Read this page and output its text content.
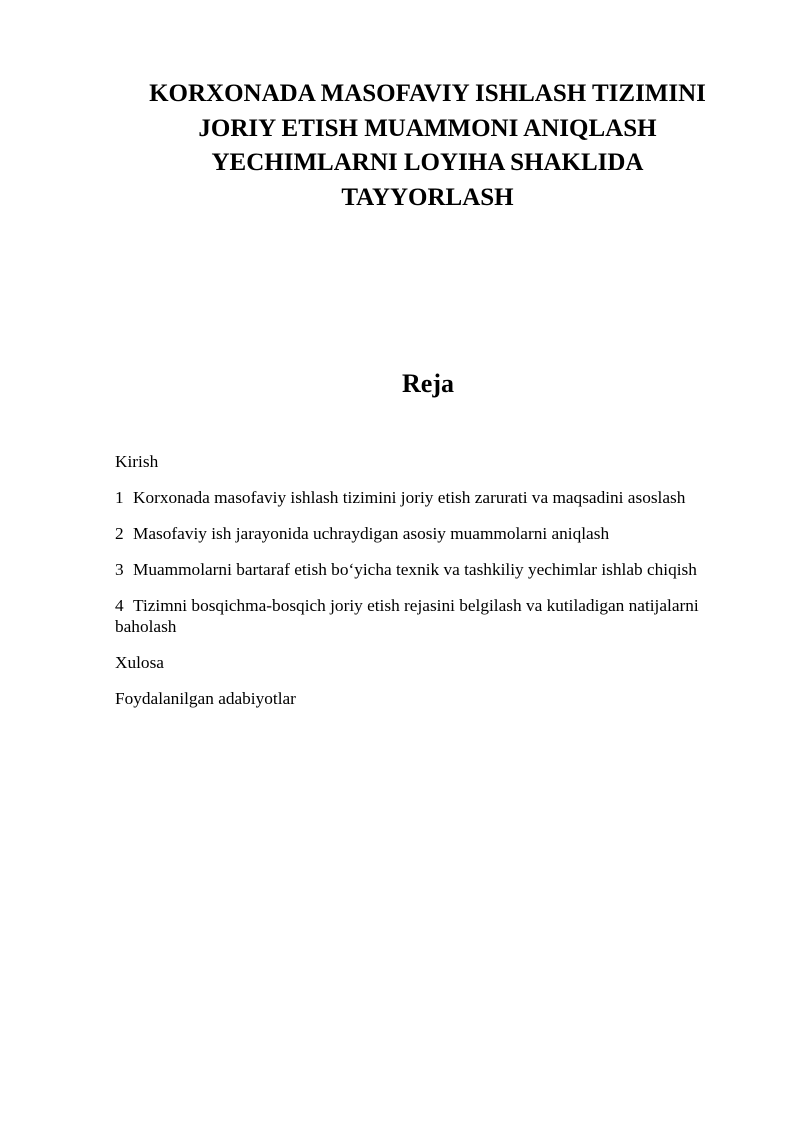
KORXONADA MASOFAVIY ISHLASH TIZIMINI
JORIY ETISH MUAMMONI ANIQLASH
YECHIMLARNI LOYIHA SHAKLIDA
TAYYORLASH
Reja
Kirish
1 Korxonada masofaviy ishlash tizimini joriy etish zarurati va maqsadini asoslash
2 Masofaviy ish jarayonida uchraydigan asosiy muammolarni aniqlash
3 Muammolarni bartaraf etish bo‘yicha texnik va tashkiliy yechimlar ishlab chiqish
4 Tizimni bosqichma-bosqich joriy etish rejasini belgilash va kutiladigan natijalarni baholash
Xulosa
Foydalanilgan adabiyotlar
